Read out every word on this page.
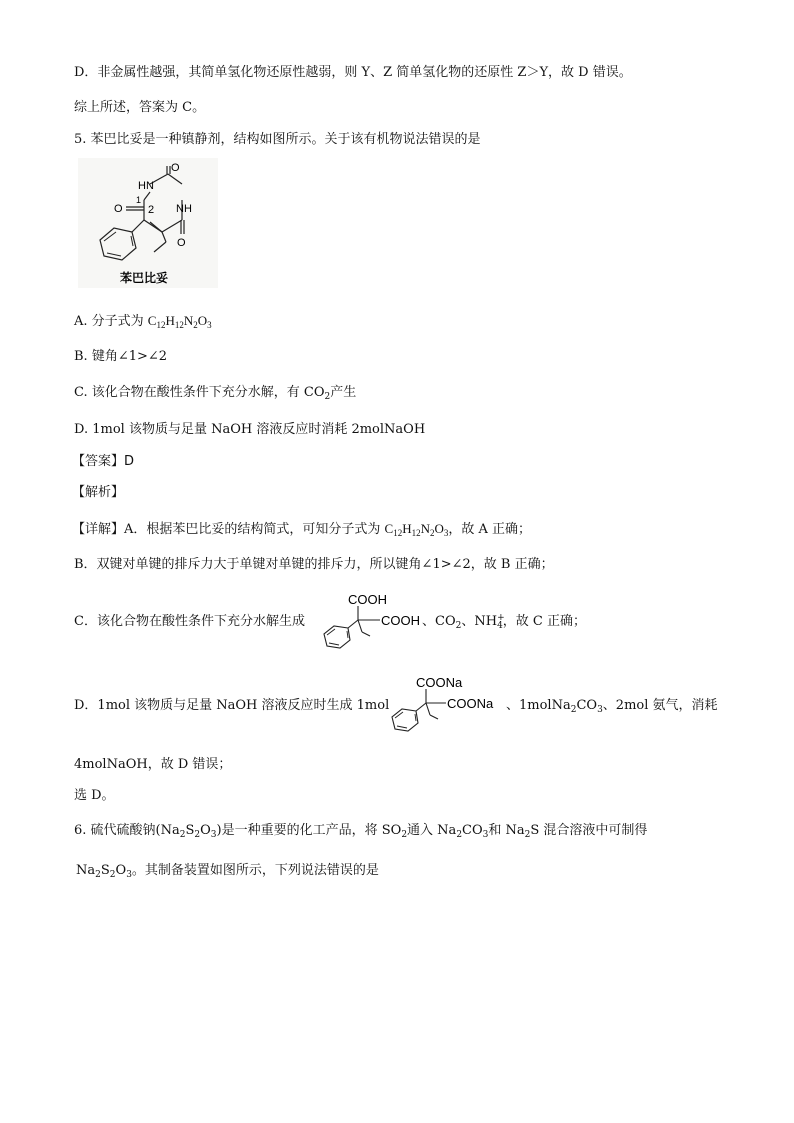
D．非金属性越强，其简单氢化物还原性越弱，则 Y、Z 简单氢化物的还原性 Z＞Y，故 D 错误。
综上所述，答案为 C。
5. 苯巴比妥是一种镇静剂，结构如图所示。关于该有机物说法错误的是
HN
O
O
1
2 NH
O
苯巴比妥
A. 分子式为 $C_{12}H_{12}N_2O_3$
B. 键角∠1>∠2
C. 该化合物在酸性条件下充分水解，有 $CO_2$产生
D. 1mol 该物质与足量 NaOH 溶液反应时消耗 2molNaOH
【答案】D
【解析】
【详解】A．根据苯巴比妥的结构简式，可知分子式为 $C_{12}H_{12}N_2O_3$，故 A 正确；
B．双键对单键的排斥力大于单键对单键的排斥力，所以键角∠1>∠2，故 B 正确；
C．该化合物在酸性条件下充分水解生成
COOH
COOH 、$CO_2$、NH $_{+ 4}$，故 C 正确；
D．1mol 该物质与足量 NaOH 溶液反应时生成 1mol
COONa
COONa 、$1molNa_2CO_3$、2mol 氨气，消耗
4molNaOH，故 D 错误；
选 D。
6. 硫代硫酸钠$(Na_2S_2O_3)$是一种重要的化工产品，将 $SO_2$通入 $Na_2CO_3$和 $Na_2S$ 混合溶液中可制得
$Na_2S_2O_3$。其制备装置如图所示，下列说法错误的是
